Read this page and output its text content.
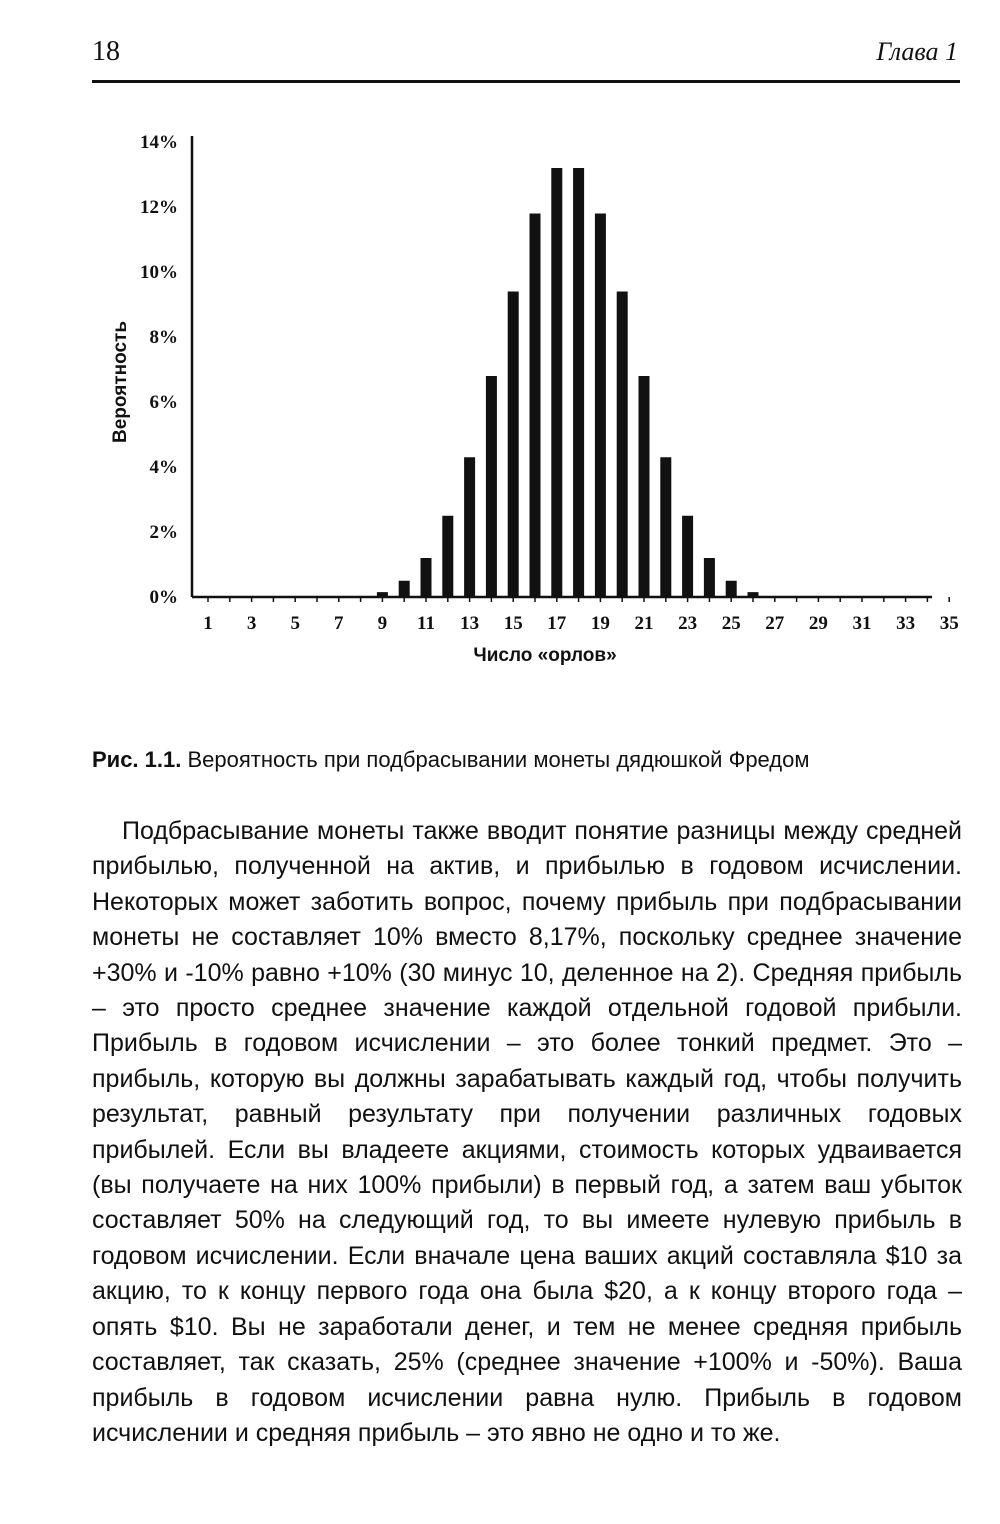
18	Глава 1
0%
2%
4%
6%
8%
10%
12%
14%
1 3 5 7 9 11 13 15 17 19 21 23 25 27 29 31 33 35
Вероятность
Число «орлов»
Рис. 1.1. Вероятность при подбрасывании монеты дядюшкой Фредом

Подбрасывание монеты также вводит понятие разницы между средней прибылью, полученной на актив, и прибылью в годовом исчислении. Некоторых может заботить вопрос, почему прибыль при подбрасывании монеты не составляет 10% вместо 8,17%, поскольку среднее значение +30% и -10% равно +10% (30 минус 10, деленное на 2). Средняя прибыль – это просто среднее значение каждой отдельной годовой прибыли. Прибыль в годовом исчислении – это более тонкий предмет. Это – прибыль, которую вы должны зарабатывать каждый год, чтобы получить результат, равный результату при получении различных годовых прибылей. Если вы владеете акциями, стоимость которых удваивается (вы получаете на них 100% прибыли) в первый год, а затем ваш убыток составляет 50% на следующий год, то вы имеете нулевую прибыль в годовом исчислении. Если вначале цена ваших акций составляла $10 за акцию, то к концу первого года она была $20, а к концу второго года – опять $10. Вы не заработали денег, и тем не менее средняя прибыль составляет, так сказать, 25% (среднее значение +100% и -50%). Ваша прибыль в годовом исчислении равна нулю. Прибыль в годовом исчислении и средняя прибыль – это явно не одно и то же.
